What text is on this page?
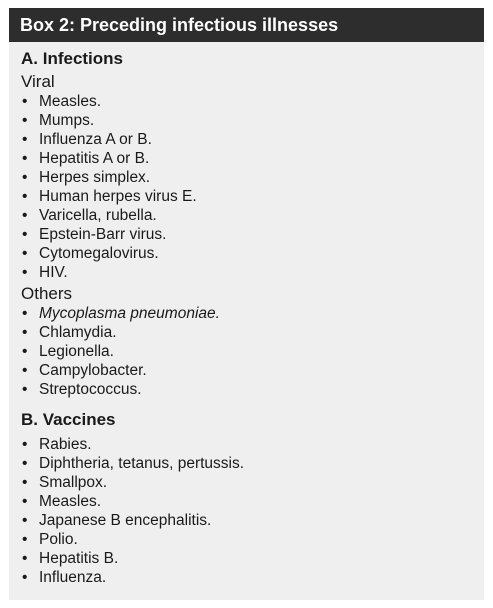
Box 2: Preceding infectious illnesses
A. Infections
Viral
• Measles.
• Mumps.
• Influenza A or B.
• Hepatitis A or B.
• Herpes simplex.
• Human herpes virus E.
• Varicella, rubella.
• Epstein-Barr virus.
• Cytomegalovirus.
• HIV.
Others
• Mycoplasma pneumoniae.
• Chlamydia.
• Legionella.
• Campylobacter.
• Streptococcus.
B. Vaccines
• Rabies.
• Diphtheria, tetanus, pertussis.
• Smallpox.
• Measles.
• Japanese B encephalitis.
• Polio.
• Hepatitis B.
• Influenza.
